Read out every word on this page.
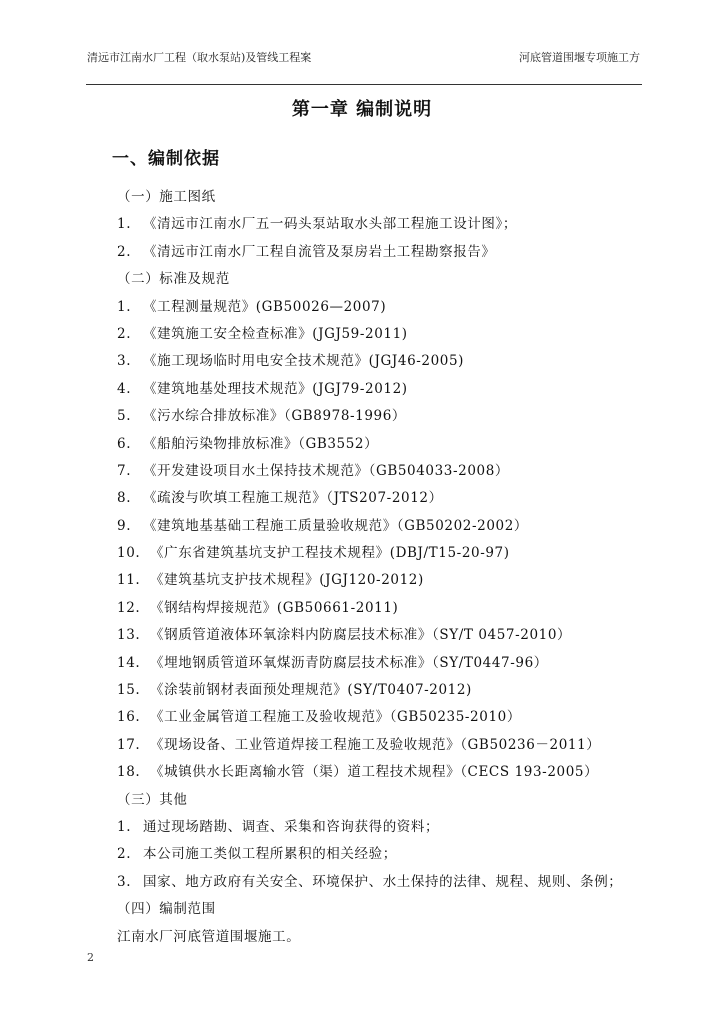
清远市江南水厂工程（取水泵站)及管线工程案	河底管道围堰专项施工方
第一章 编制说明
一、编制依据
（一）施工图纸
1. 《清远市江南水厂五一码头泵站取水头部工程施工设计图》；
2. 《清远市江南水厂工程自流管及泵房岩土工程勘察报告》
（二）标准及规范
1. 《工程测量规范》(GB50026—2007)
2. 《建筑施工安全检查标准》(JGJ59-2011)
3. 《施工现场临时用电安全技术规范》(JGJ46-2005)
4. 《建筑地基处理技术规范》(JGJ79-2012)
5. 《污水综合排放标准》（GB8978-1996）
6. 《船舶污染物排放标准》（GB3552）
7. 《开发建设项目水土保持技术规范》（GB504033-2008）
8. 《疏浚与吹填工程施工规范》（JTS207-2012）
9. 《建筑地基基础工程施工质量验收规范》（GB50202-2002）
10. 《广东省建筑基坑支护工程技术规程》(DBJ/T15-20-97)
11. 《建筑基坑支护技术规程》(JGJ120-2012)
12. 《钢结构焊接规范》(GB50661-2011)
13. 《钢质管道液体环氧涂料内防腐层技术标准》（SY/T 0457-2010）
14. 《埋地钢质管道环氧煤沥青防腐层技术标准》（SY/T0447-96）
15. 《涂装前钢材表面预处理规范》(SY/T0407-2012)
16. 《工业金属管道工程施工及验收规范》（GB50235-2010）
17. 《现场设备、工业管道焊接工程施工及验收规范》（GB50236－2011）
18. 《城镇供水长距离输水管（渠）道工程技术规程》（CECS 193-2005）
（三）其他
1. 通过现场踏勘、调查、采集和咨询获得的资料；
2. 本公司施工类似工程所累积的相关经验；
3. 国家、地方政府有关安全、环境保护、水土保持的法律、规程、规则、条例；
（四）编制范围
江南水厂河底管道围堰施工。
2
